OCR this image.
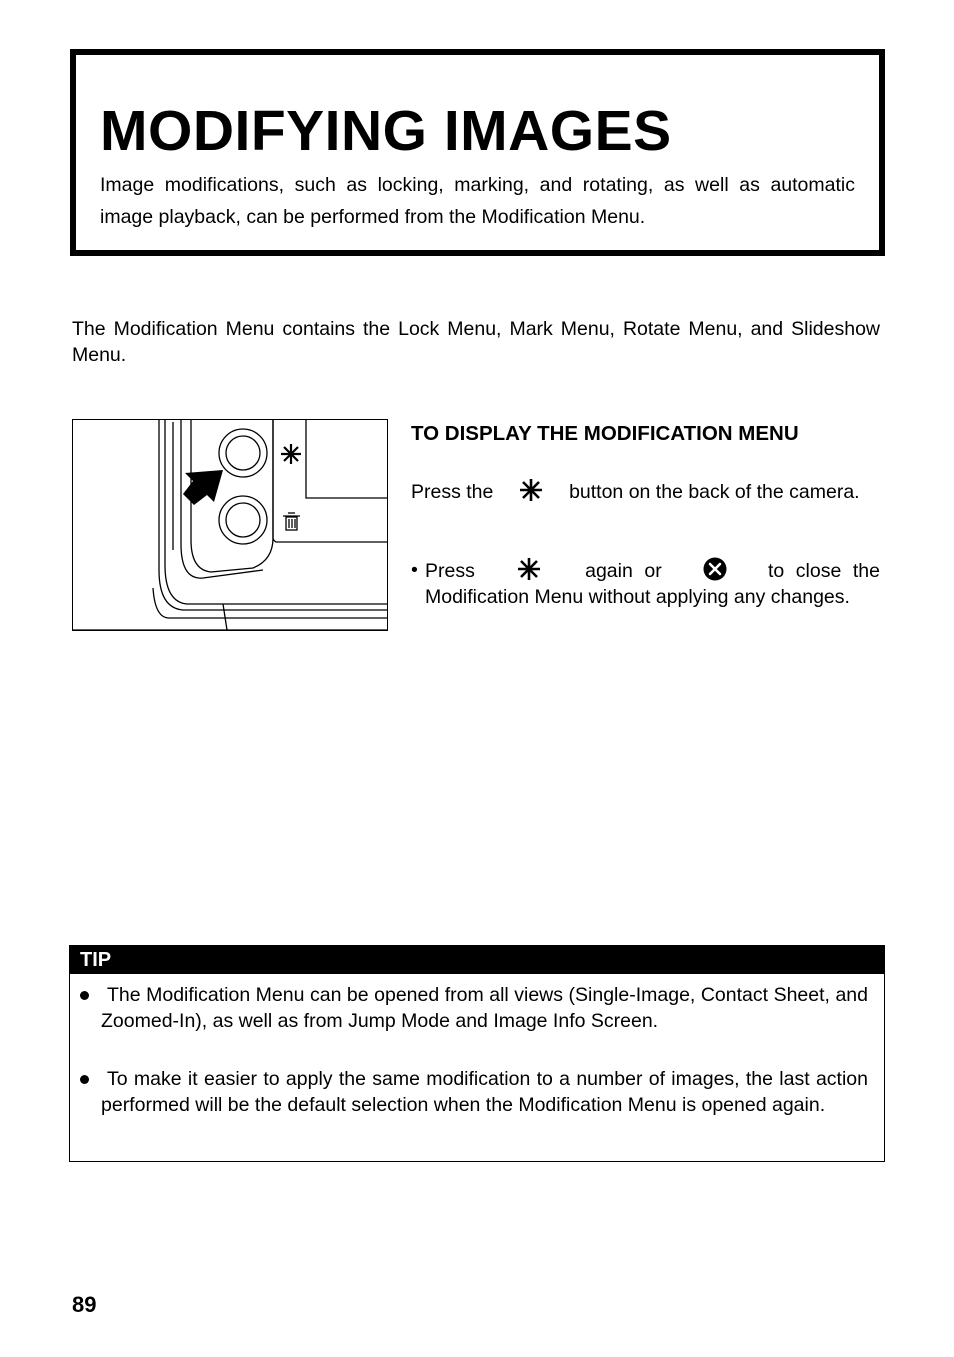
MODIFYING IMAGES

Image modifications, such as locking, marking, and rotating, as well as automatic image playback, can be performed from the Modification Menu.

The Modification Menu contains the Lock Menu, Mark Menu, Rotate Menu, and Slideshow Menu.

TO DISPLAY THE MODIFICATION MENU

Press the	button on the back of the camera.

• Press	again or	to close the Modification Menu without applying any changes.

TIP

The Modification Menu can be opened from all views (Single-Image, Contact Sheet, and Zoomed-In), as well as from Jump Mode and Image Info Screen.

To make it easier to apply the same modification to a number of images, the last action performed will be the default selection when the Modification Menu is opened again.

89
